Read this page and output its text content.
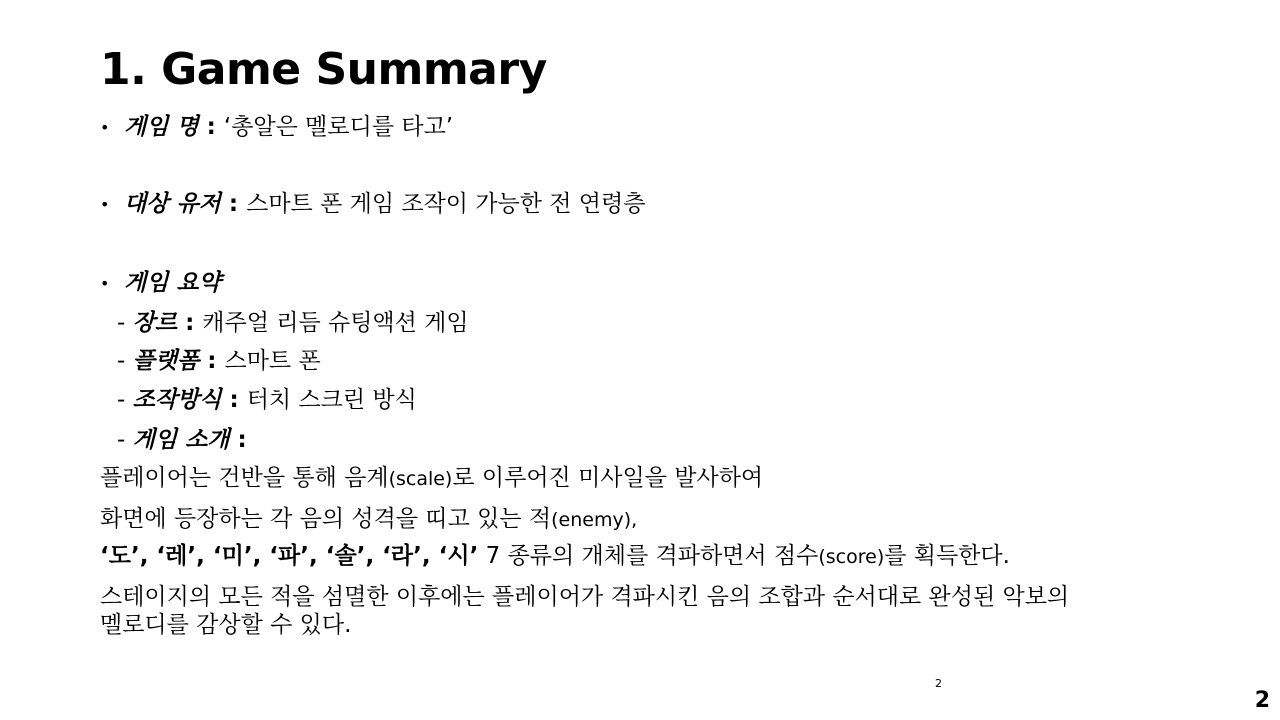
1. Game Summary
• 게임 명 : ‘총알은 멜로디를 타고’
• 대상 유저 : 스마트 폰 게임 조작이 가능한 전 연령층
• 게임 요약
- 장르 : 캐주얼 리듬 슈팅액션 게임
- 플랫폼 : 스마트 폰
- 조작방식 : 터치 스크린 방식
- 게임 소개 :
플레이어는 건반을 통해 음계(scale)로 이루어진 미사일을 발사하여
화면에 등장하는 각 음의 성격을 띠고 있는 적(enemy),
‘도’, ‘레’, ‘미’, ‘파’, ‘솔’, ‘라’, ‘시’ 7 종류의 개체를 격파하면서 점수(score)를 획득한다.
스테이지의 모든 적을 섬멸한 이후에는 플레이어가 격파시킨 음의 조합과 순서대로 완성된 악보의
멜로디를 감상할 수 있다.
2
2
